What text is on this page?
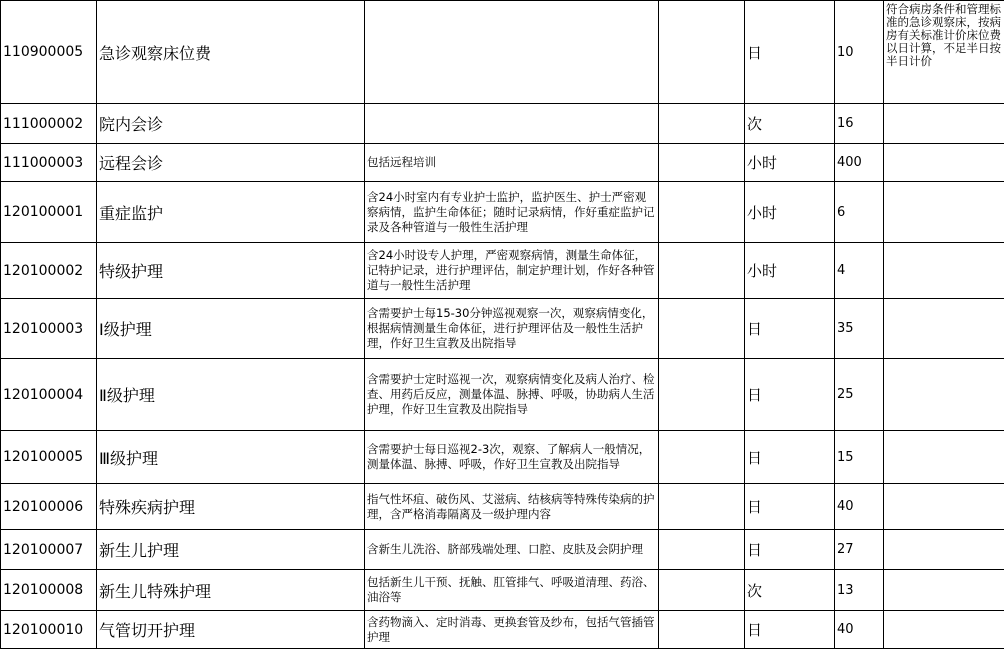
110900005	急诊观察床位费			日	10	符合病房条件和管理标准的急诊观察床，按病房有关标准计价床位费以日计算，不足半日按半日计价
111000002	院内会诊			次	16	
111000003	远程会诊	包括远程培训		小时	400	
120100001	重症监护	含24小时室内有专业护士监护，监护医生、护士严密观察病情，监护生命体征；随时记录病情，作好重症监护记录及各种管道与一般性生活护理		小时	6	
120100002	特级护理	含24小时设专人护理，严密观察病情，测量生命体征，记特护记录，进行护理评估，制定护理计划，作好各种管道与一般性生活护理		小时	4	
120100003	Ⅰ级护理	含需要护士每15-30分钟巡视观察一次，观察病情变化，根据病情测量生命体征，进行护理评估及一般性生活护理，作好卫生宣教及出院指导		日	35	
120100004	Ⅱ级护理	含需要护士定时巡视一次，观察病情变化及病人治疗、检查、用药后反应，测量体温、脉搏、呼吸，协助病人生活护理，作好卫生宣教及出院指导		日	25	
120100005	Ⅲ级护理	含需要护士每日巡视2-3次，观察、了解病人一般情况，测量体温、脉搏、呼吸，作好卫生宣教及出院指导		日	15	
120100006	特殊疾病护理	指气性坏疽、破伤风、艾滋病、结核病等特殊传染病的护理，含严格消毒隔离及一级护理内容		日	40	
120100007	新生儿护理	含新生儿洗浴、脐部残端处理、口腔、皮肤及会阴护理		日	27	
120100008	新生儿特殊护理	包括新生儿干预、抚触、肛管排气、呼吸道清理、药浴、油浴等		次	13	
120100010	气管切开护理	含药物滴入、定时消毒、更换套管及纱布，包括气管插管护理		日	40	
